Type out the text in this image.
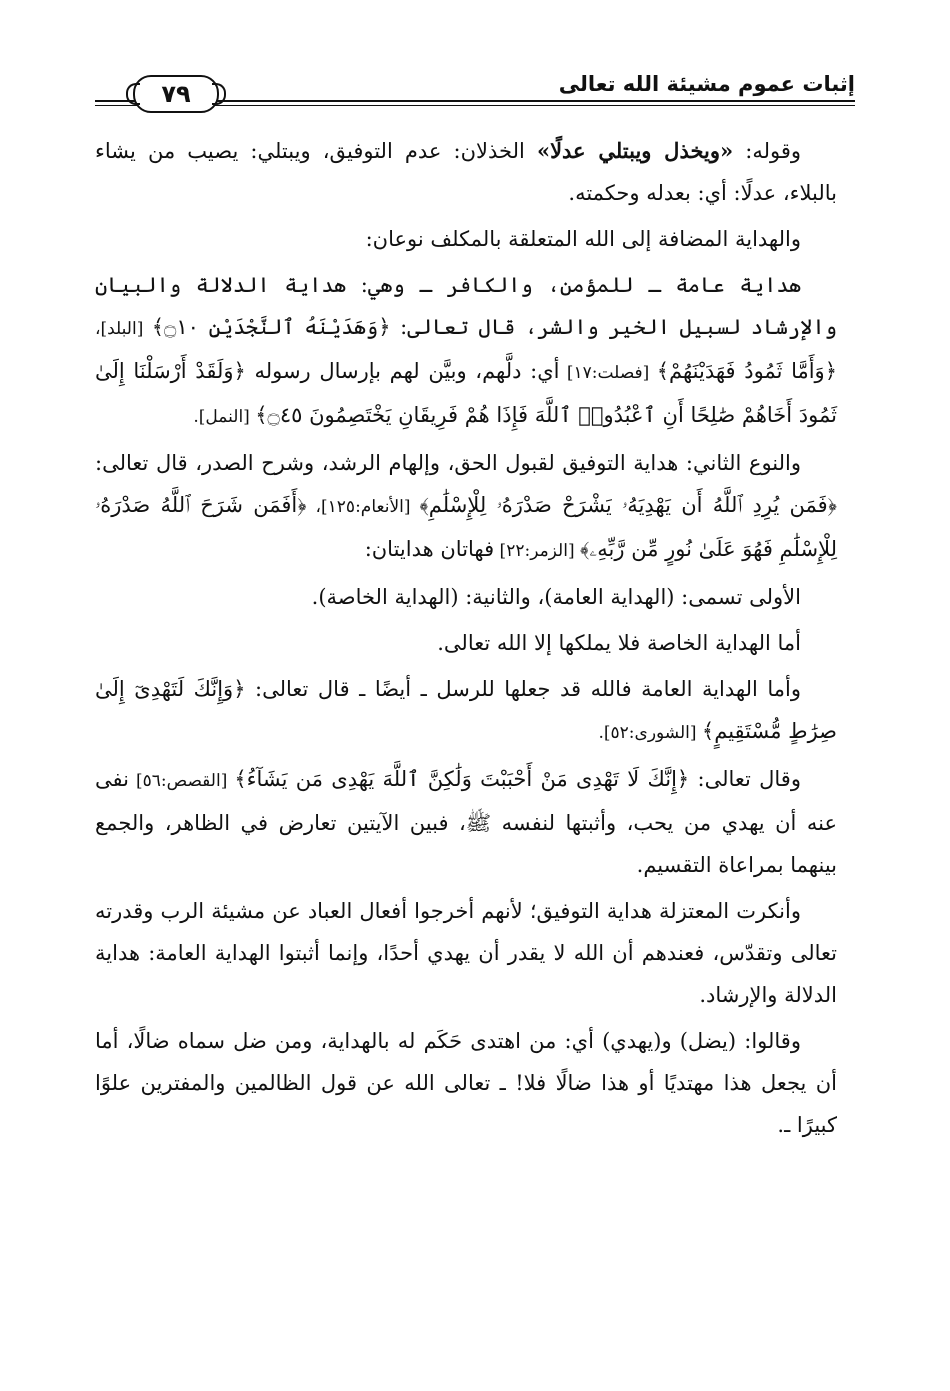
٧٩	إثبات عموم مشيئة الله تعالى

وقوله: «ويخذل ويبتلي عدلًا» الخذلان: عدم التوفيق، ويبتلي: يصيب من يشاء بالبلاء، عدلًا: أي: بعدله وحكمته.

والهداية المضافة إلى الله المتعلقة بالمكلف نوعان:

هداية عامة ـ للمؤمن، والكافر ـ وهي: هداية الدلالة والبيان والإرشاد لسبيل الخير والشر، قال تعالى: ﴿وَهَدَيْنَهُ ٱلنَّجْدَيْنِ ۝١٠﴾ [البلد]، ﴿وَأَمَّا ثَمُودُ فَهَدَيْنَهُمْ﴾ [فصلت:١٧] أي: دلَّهم، وبيَّن لهم بإرسال رسوله ﴿وَلَقَدْ أَرْسَلْنَا إِلَىٰ ثَمُودَ أَخَاهُمْ صَٰلِحًا أَنِ ٱعْبُدُوا۟ ٱللَّهَ فَإِذَا هُمْ فَرِيقَانِ يَخْتَصِمُونَ ۝٤٥﴾ [النمل].

والنوع الثاني: هداية التوفيق لقبول الحق، وإلهام الرشد، وشرح الصدر، قال تعالى: ﴿فَمَن يُرِدِ ٱللَّهُ أَن يَهْدِيَهُۥ يَشْرَحْ صَدْرَهُۥ لِلْإِسْلَٰمِ﴾ [الأنعام:١٢٥]، ﴿أَفَمَن شَرَحَ ٱللَّهُ صَدْرَهُۥ لِلْإِسْلَٰمِ فَهُوَ عَلَىٰ نُورٍ مِّن رَّبِّهِۦ﴾ [الزمر:٢٢] فهاتان هدايتان:

الأولى تسمى: (الهداية العامة)، والثانية: (الهداية الخاصة).

أما الهداية الخاصة فلا يملكها إلا الله تعالى.

وأما الهداية العامة فالله قد جعلها للرسل ـ أيضًا ـ قال تعالى: ﴿وَإِنَّكَ لَتَهْدِىٓ إِلَىٰ صِرَٰطٍ مُّسْتَقِيمٍ﴾ [الشورى:٥٢].

وقال تعالى: ﴿إِنَّكَ لَا تَهْدِى مَنْ أَحْبَبْتَ وَلَٰكِنَّ ٱللَّهَ يَهْدِى مَن يَشَآءُ﴾ [القصص:٥٦] نفى عنه أن يهدي من يحب، وأثبتها لنفسه ﷺ، فبين الآيتين تعارض في الظاهر، والجمع بينهما بمراعاة التقسيم.

وأنكرت المعتزلة هداية التوفيق؛ لأنهم أخرجوا أفعال العباد عن مشيئة الرب وقدرته تعالى وتقدّس، فعندهم أن الله لا يقدر أن يهدي أحدًا، وإنما أثبتوا الهداية العامة: هداية الدلالة والإرشاد.

وقالوا: (يضل) و(يهدي) أي: من اهتدى حَكَم له بالهداية، ومن ضل سماه ضالًا، أما أن يجعل هذا مهتديًا أو هذا ضالًا فلا! ـ تعالى الله عن قول الظالمين والمفترين علوًا كبيرًا ـ.
